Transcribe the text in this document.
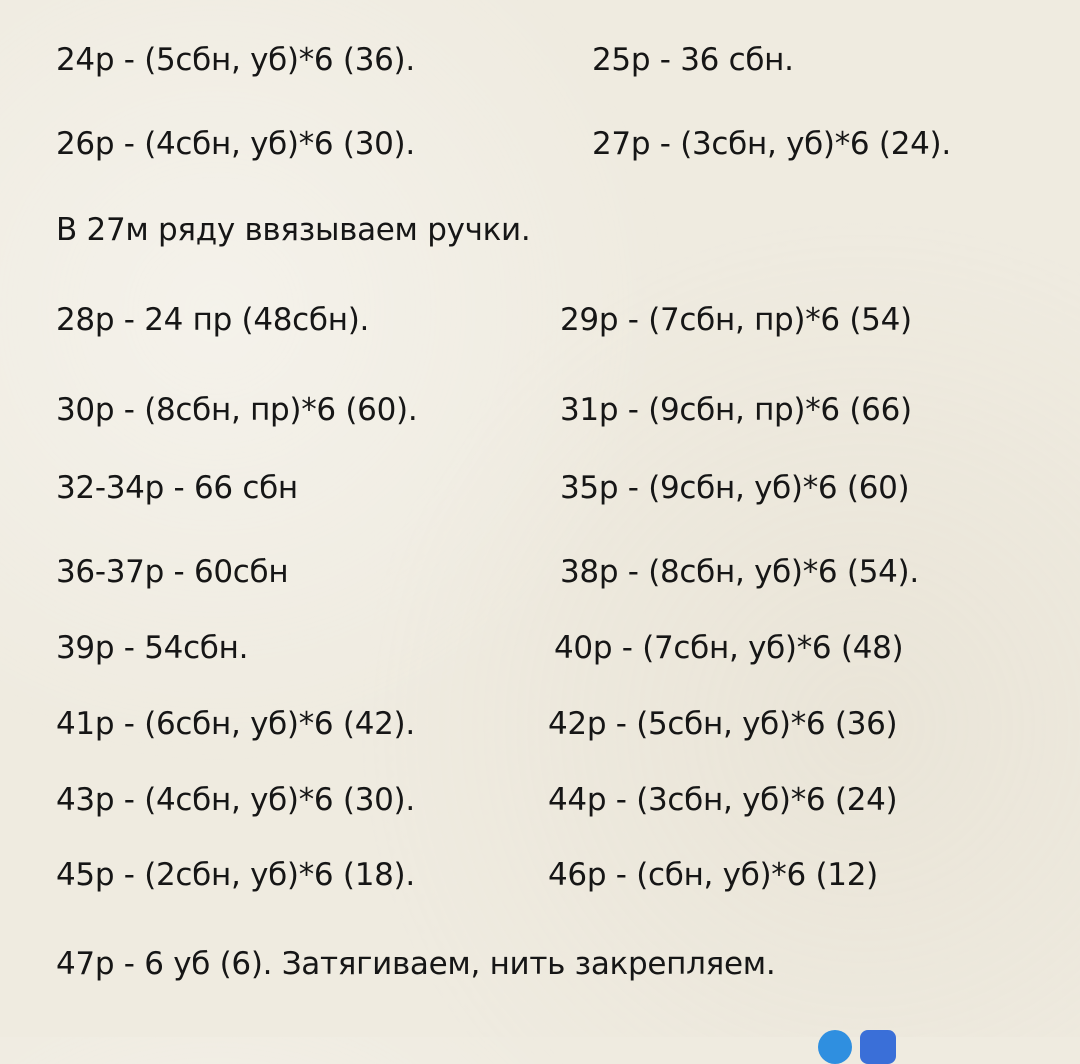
24р - (5сбн, уб)*6 (36).	25р - 36 сбн.
26р - (4сбн, уб)*6 (30).	27р - (3сбн, уб)*6 (24).
В 27м ряду ввязываем ручки.
28р - 24 пр (48сбн).	29р - (7сбн, пр)*6 (54)
30р - (8сбн, пр)*6 (60).	31р - (9сбн, пр)*6 (66)
32-34р - 66 сбн	35р - (9сбн, уб)*6 (60)
36-37р - 60сбн	38р - (8сбн, уб)*6 (54).
39р - 54сбн.	40р - (7сбн, уб)*6 (48)
41р - (6сбн, уб)*6 (42).	42р - (5сбн, уб)*6 (36)
43р - (4сбн, уб)*6 (30).	44р - (3сбн, уб)*6 (24)
45р - (2сбн, уб)*6 (18).	46р - (сбн, уб)*6 (12)
47р - 6 уб (6). Затягиваем, нить закрепляем.
